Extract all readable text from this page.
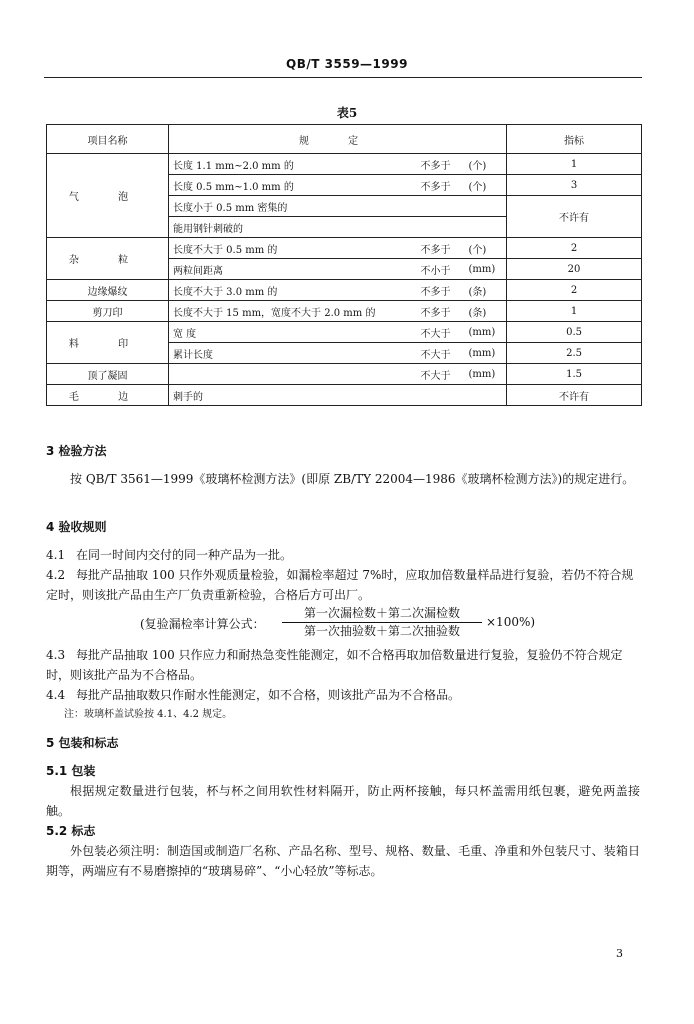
QB/T 3559—1999
表5
项目名称	规 定			指标
气 泡	长度 1.1 mm~2.0 mm 的	不多于	(个)	1
	长度 0.5 mm~1.0 mm 的	不多于	(个)	3
	长度小于 0.5 mm 密集的			不许有
	能用钢针刺破的			
杂 粒	长度不大于 0.5 mm 的	不多于	(个)	2
	两粒间距离	不小于	(mm)	20
边缘爆纹	长度不大于 3.0 mm 的	不多于	(条)	2
剪刀印	长度不大于 15 mm，宽度不大于 2.0 mm 的	不多于	(条)	1
料 印	宽 度	不大于	(mm)	0.5
	累计长度	不大于	(mm)	2.5
顶了凝固		不大于	(mm)	1.5
毛 边	刺手的			不许有
3 检验方法

按 QB/T 3561—1999《玻璃杯检测方法》(即原 ZB/TY 22004—1986《玻璃杯检测方法》)的规定进行。

4 验收规则

4.1 在同一时间内交付的同一种产品为一批。

4.2 每批产品抽取 100 只作外观质量检验，如漏检率超过 7%时，应取加倍数量样品进行复验，若仍不符合规定时，则该批产品由生产厂负责重新检验，合格后方可出厂。

(复验漏检率计算公式：
第一次漏检数＋第二次漏检数
第一次抽验数＋第二次抽验数
×100%)

4.3 每批产品抽取 100 只作应力和耐热急变性能测定，如不合格再取加倍数量进行复验，复验仍不符合规定时，则该批产品为不合格品。

4.4 每批产品抽取数只作耐水性能测定，如不合格，则该批产品为不合格品。

注：玻璃杯盖试验按 4.1、4.2 规定。
5 包装和标志
5.1 包装

根据规定数量进行包装，杯与杯之间用软性材料隔开，防止两杯接触，每只杯盖需用纸包裹，避免两盖接触。

5.2 标志

外包装必须注明：制造国或制造厂名称、产品名称、型号、规格、数量、毛重、净重和外包装尺寸、装箱日期等，两端应有不易磨擦掉的“玻璃易碎”、“小心轻放”等标志。

3
